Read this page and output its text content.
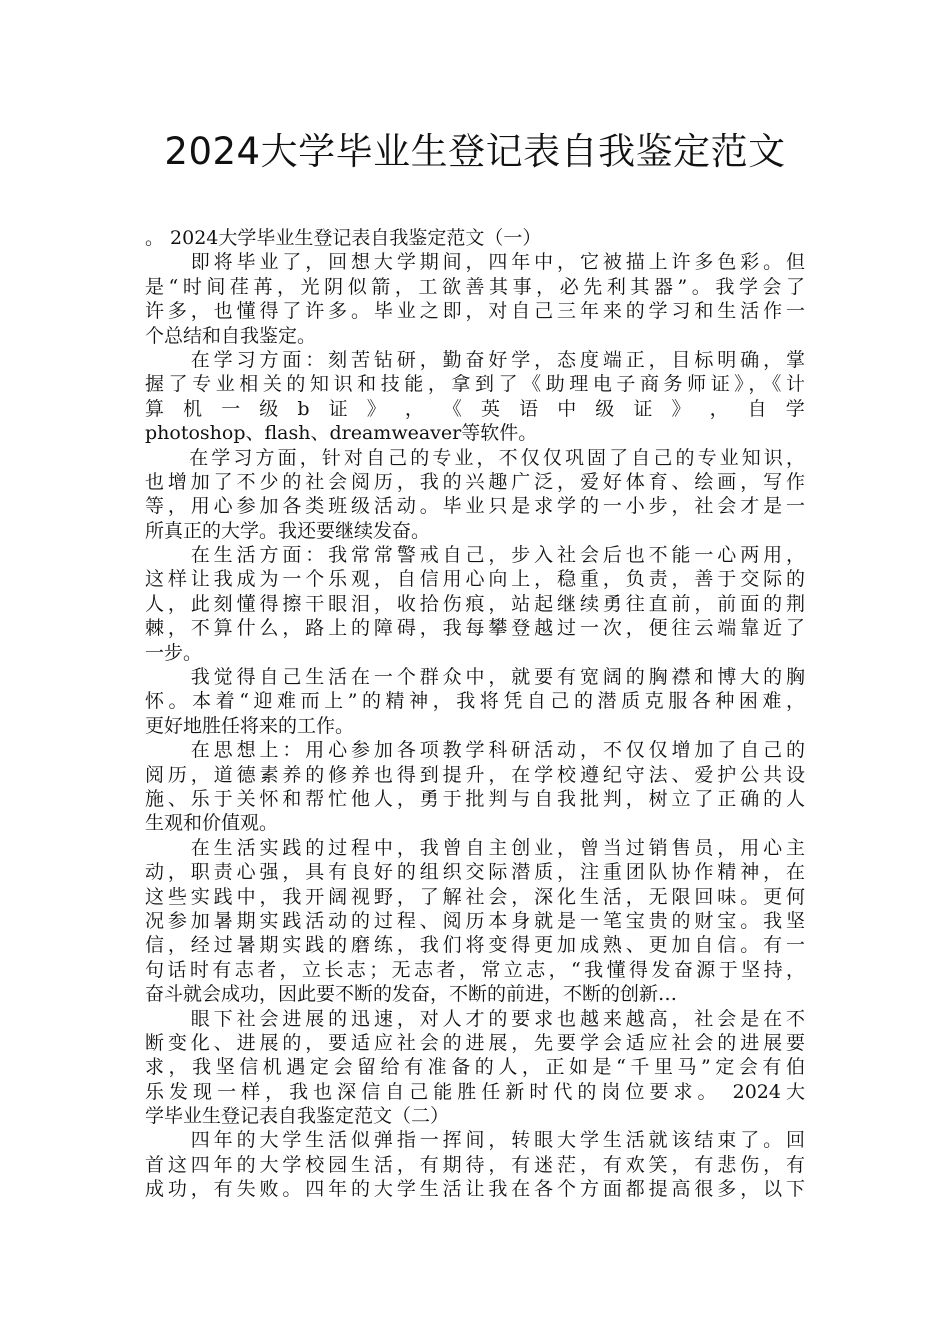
2024大学毕业生登记表自我鉴定范文
。 2024大学毕业生登记表自我鉴定范文（一）
　　即将毕业了，回想大学期间，四年中，它被描上许多色彩。但
是“时间荏苒，光阴似箭，工欲善其事，必先利其器”。我学会了
许多，也懂得了许多。毕业之即，对自己三年来的学习和生活作一
个总结和自我鉴定。
　　在学习方面：刻苦钻研，勤奋好学，态度端正，目标明确，掌
握了专业相关的知识和技能，拿到了《助理电子商务师证》，《计
算 机 一 级 b 证 》 ， 《 英 语 中 级 证 》 ， 自 学
photoshop、flash、dreamweaver等软件。
　　在学习方面，针对自己的专业，不仅仅巩固了自己的专业知识，
也增加了不少的社会阅历，我的兴趣广泛，爱好体育、绘画，写作
等，用心参加各类班级活动。毕业只是求学的一小步，社会才是一
所真正的大学。我还要继续发奋。
　　在生活方面：我常常警戒自己，步入社会后也不能一心两用，
这样让我成为一个乐观，自信用心向上，稳重，负责，善于交际的
人，此刻懂得擦干眼泪，收拾伤痕，站起继续勇往直前，前面的荆
棘，不算什么，路上的障碍，我每攀登越过一次，便往云端靠近了
一步。
　　我觉得自己生活在一个群众中，就要有宽阔的胸襟和博大的胸
怀。本着“迎难而上”的精神，我将凭自己的潜质克服各种困难，
更好地胜任将来的工作。
　　在思想上：用心参加各项教学科研活动，不仅仅增加了自己的
阅历，道德素养的修养也得到提升，在学校遵纪守法、爱护公共设
施、乐于关怀和帮忙他人，勇于批判与自我批判，树立了正确的人
生观和价值观。
　　在生活实践的过程中，我曾自主创业，曾当过销售员，用心主
动，职责心强，具有良好的组织交际潜质，注重团队协作精神，在
这些实践中，我开阔视野，了解社会，深化生活，无限回味。更何
况参加暑期实践活动的过程、阅历本身就是一笔宝贵的财宝。我坚
信，经过暑期实践的磨练，我们将变得更加成熟、更加自信。有一
句话时有志者，立长志；无志者，常立志，“我懂得发奋源于坚持，
奋斗就会成功，因此要不断的发奋，不断的前进，不断的创新…
　　眼下社会进展的迅速，对人才的要求也越来越高，社会是在不
断变化、进展的，要适应社会的进展，先要学会适应社会的进展要
求，我坚信机遇定会留给有准备的人，正如是“千里马”定会有伯
乐发现一样，我也深信自己能胜任新时代的岗位要求。 2024大
学毕业生登记表自我鉴定范文（二）
　　四年的大学生活似弹指一挥间，转眼大学生活就该结束了。回
首这四年的大学校园生活，有期待，有迷茫，有欢笑，有悲伤，有
成功，有失败。四年的大学生活让我在各个方面都提高很多，以下
